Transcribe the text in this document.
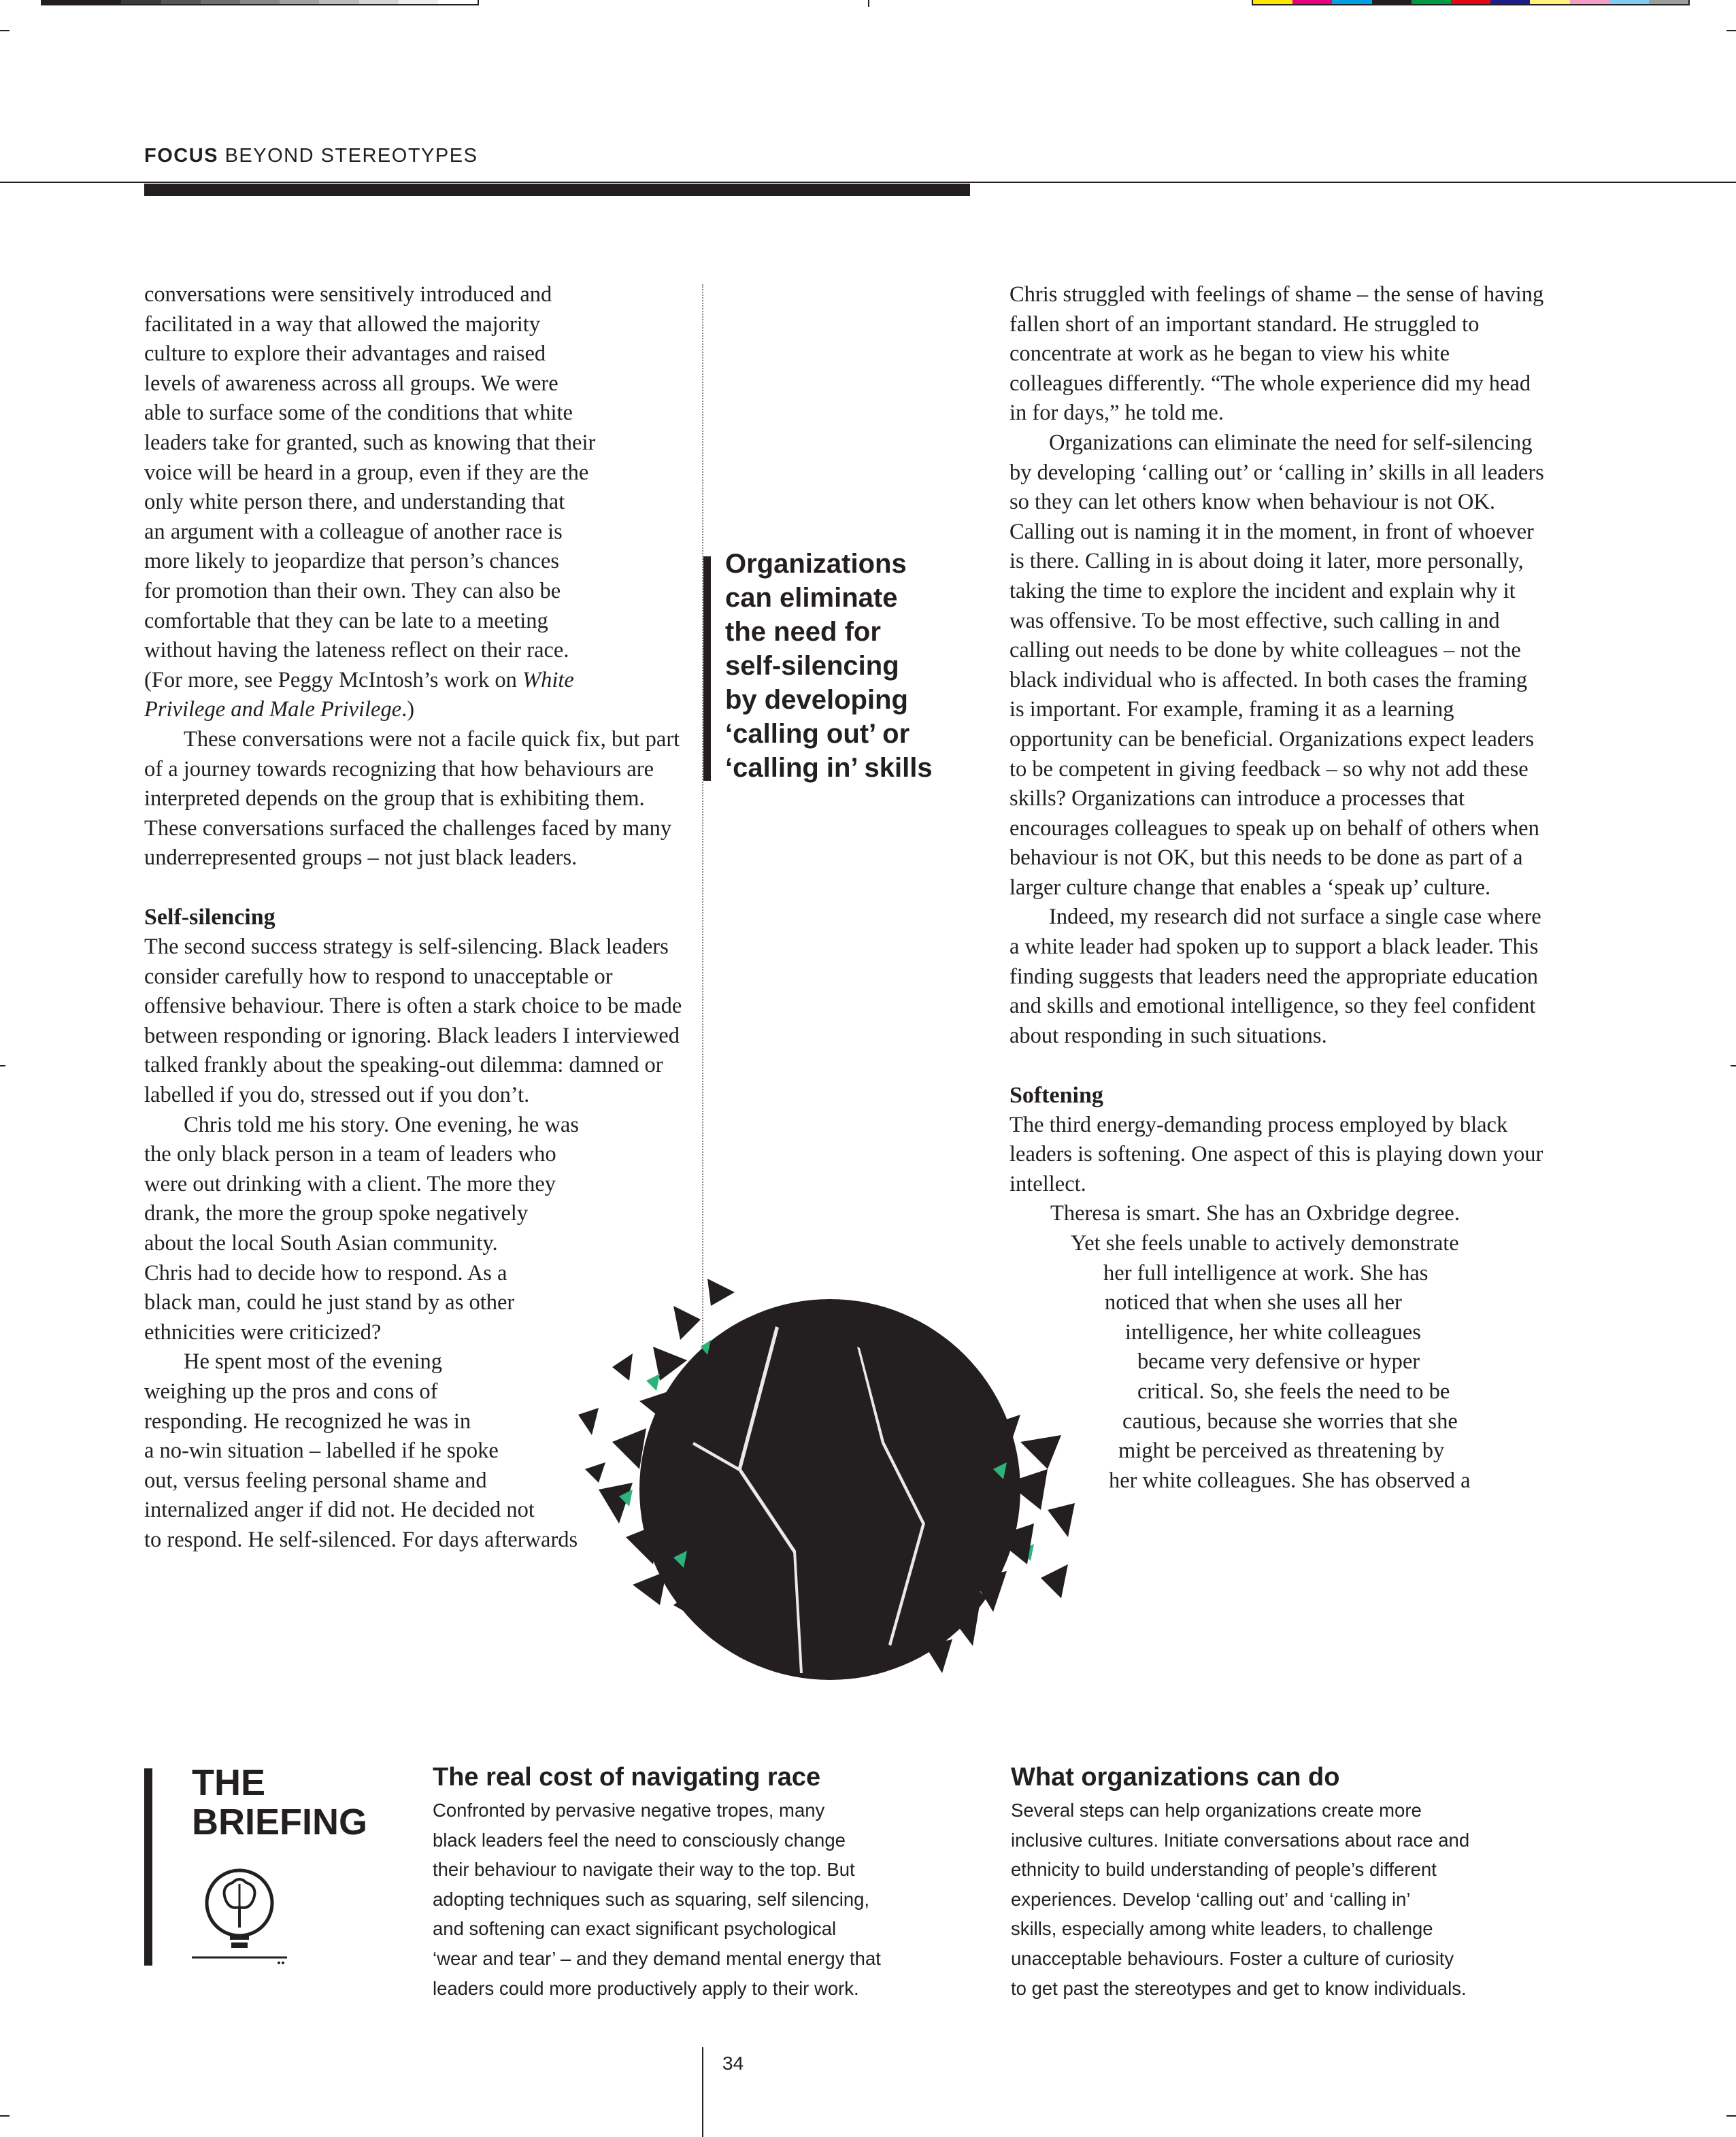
FOCUS BEYOND STEREOTYPES

conversations were sensitively introduced and
facilitated in a way that allowed the majority
culture to explore their advantages and raised
levels of awareness across all groups. We were
able to surface some of the conditions that white
leaders take for granted, such as knowing that their
voice will be heard in a group, even if they are the
only white person there, and understanding that
an argument with a colleague of another race is
more likely to jeopardize that person’s chances
for promotion than their own. They can also be
comfortable that they can be late to a meeting
without having the lateness reflect on their race.
(For more, see Peggy McIntosh’s work on White
Privilege and Male Privilege.)

These conversations were not a facile quick fix, but part of a journey towards recognizing that how behaviours are interpreted depends on the group that is exhibiting them. These conversations surfaced the challenges faced by many underrepresented groups – not just black leaders.

Self-silencing

The second success strategy is self-silencing. Black leaders consider carefully how to respond to unacceptable or offensive behaviour. There is often a stark choice to be made between responding or ignoring. Black leaders I interviewed talked frankly about the speaking-out dilemma: damned or labelled if you do, stressed out if you don’t.

Chris told me his story. One evening, he was
the only black person in a team of leaders who
were out drinking with a client. The more they
drank, the more the group spoke negatively
about the local South Asian community.
Chris had to decide how to respond. As a
black man, could he just stand by as other
ethnicities were criticized?

He spent most of the evening
weighing up the pros and cons of
responding. He recognized he was in
a no-win situation – labelled if he spoke
out, versus feeling personal shame and
internalized anger if did not. He decided not
to respond. He self-silenced. For days afterwards

Organizations
can eliminate
the need for
self-silencing
by developing
‘calling out’ or
‘calling in’ skills

Chris struggled with feelings of shame – the sense of having fallen short of an important standard. He struggled to concentrate at work as he began to view his white colleagues differently. “The whole experience did my head in for days,” he told me.

Organizations can eliminate the need for self-silencing by developing ‘calling out’ or ‘calling in’ skills in all leaders so they can let others know when behaviour is not OK. Calling out is naming it in the moment, in front of whoever is there. Calling in is about doing it later, more personally, taking the time to explore the incident and explain why it was offensive. To be most effective, such calling in and calling out needs to be done by white colleagues – not the black individual who is affected. In both cases the framing is important. For example, framing it as a learning opportunity can be beneficial. Organizations expect leaders to be competent in giving feedback – so why not add these skills? Organizations can introduce a processes that encourages colleagues to speak up on behalf of others when behaviour is not OK, but this needs to be done as part of a larger culture change that enables a ‘speak up’ culture.

Indeed, my research did not surface a single case where a white leader had spoken up to support a black leader. This finding suggests that leaders need the appropriate education and skills and emotional intelligence, so they feel confident about responding in such situations.

Softening

The third energy-demanding process employed by black leaders is softening. One aspect of this is playing down your intellect.

Theresa is smart. She has an Oxbridge degree.
Yet she feels unable to actively demonstrate
her full intelligence at work. She has
noticed that when she uses all her
intelligence, her white colleagues
became very defensive or hyper
critical. So, she feels the need to be
cautious, because she worries that she
might be perceived as threatening by
her white colleagues. She has observed a

THE
BRIEFING
The real cost of navigating race
Confronted by pervasive negative tropes, many
black leaders feel the need to consciously change
their behaviour to navigate their way to the top. But
adopting techniques such as squaring, self silencing,
and softening can exact significant psychological
‘wear and tear’ – and they demand mental energy that
leaders could more productively apply to their work.
What organizations can do
Several steps can help organizations create more
inclusive cultures. Initiate conversations about race and
ethnicity to build understanding of people’s different
experiences. Develop ‘calling out’ and ‘calling in’
skills, especially among white leaders, to challenge
unacceptable behaviours. Foster a culture of curiosity
to get past the stereotypes and get to know individuals.
34
